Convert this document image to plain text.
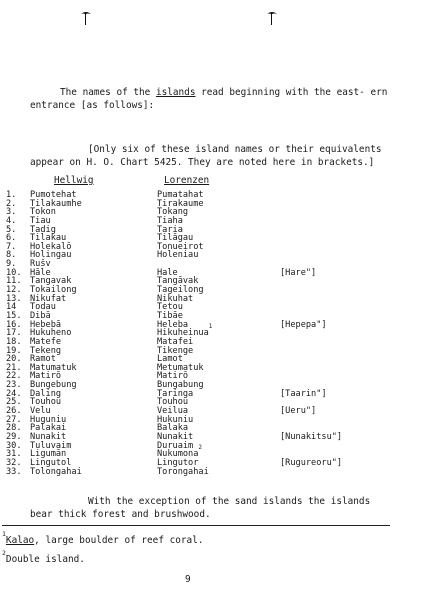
The names of the islands read beginning with the east- ern entrance [as follows]:
[Only six of these island names or their equivalents appear on H. O. Chart 5425. They are noted here in brackets.]
Hellwig	Lorenzen
1. Pumotehat	Pumatahat
2. Tilakaumhe	Tirakaume
3. Tokon	Tokang
4. Tiau	Tiaha
5. Tadig	Taria
6. Tilakau	Tilāgau
7. Holekalō	Tonueirot
8. Holingau	Holeniau
9. Rušv
10. Hāle	Hale	[Hare"]
11. Tangavak	Tangāvak
12. Tokailong	Tageilong
13. Nikufat	Nikuhat
14 Todau	Tetou
15. Dibā	Tibāe
16. Hebebā	Heleba	[Hepepa"]
17. Hukuheno	Hikuheinua$^1$
18. Matefe	Matafei
19. Tekeng	Tikenge
20. Ramot	Lamot
21. Matumatuk	Metumatuk
22. Matirō	Matirō
23. Bungebung	Bungabung
24. Daling	Taringa	[Taarin"]
25. Touhou	Touhou
26. Velu	Veilua	[Ueru"]
27. Huguniu	Hukuniu
28. Palakai	Balaka
29. Nunakit	Nunakit	[Nunakitsu"]
30. Tuluvaim	Duruaim
31. Ligumān	Nukumona$^2$
32. Lingutol	Lingutor	[Rugureoru"]
33. Tolongahai	Torongahai
With the exception of the sand islands the islands bear thick forest and brushwood.
$^1$Kalao, large boulder of reef coral.
$^2$Double island.
9
